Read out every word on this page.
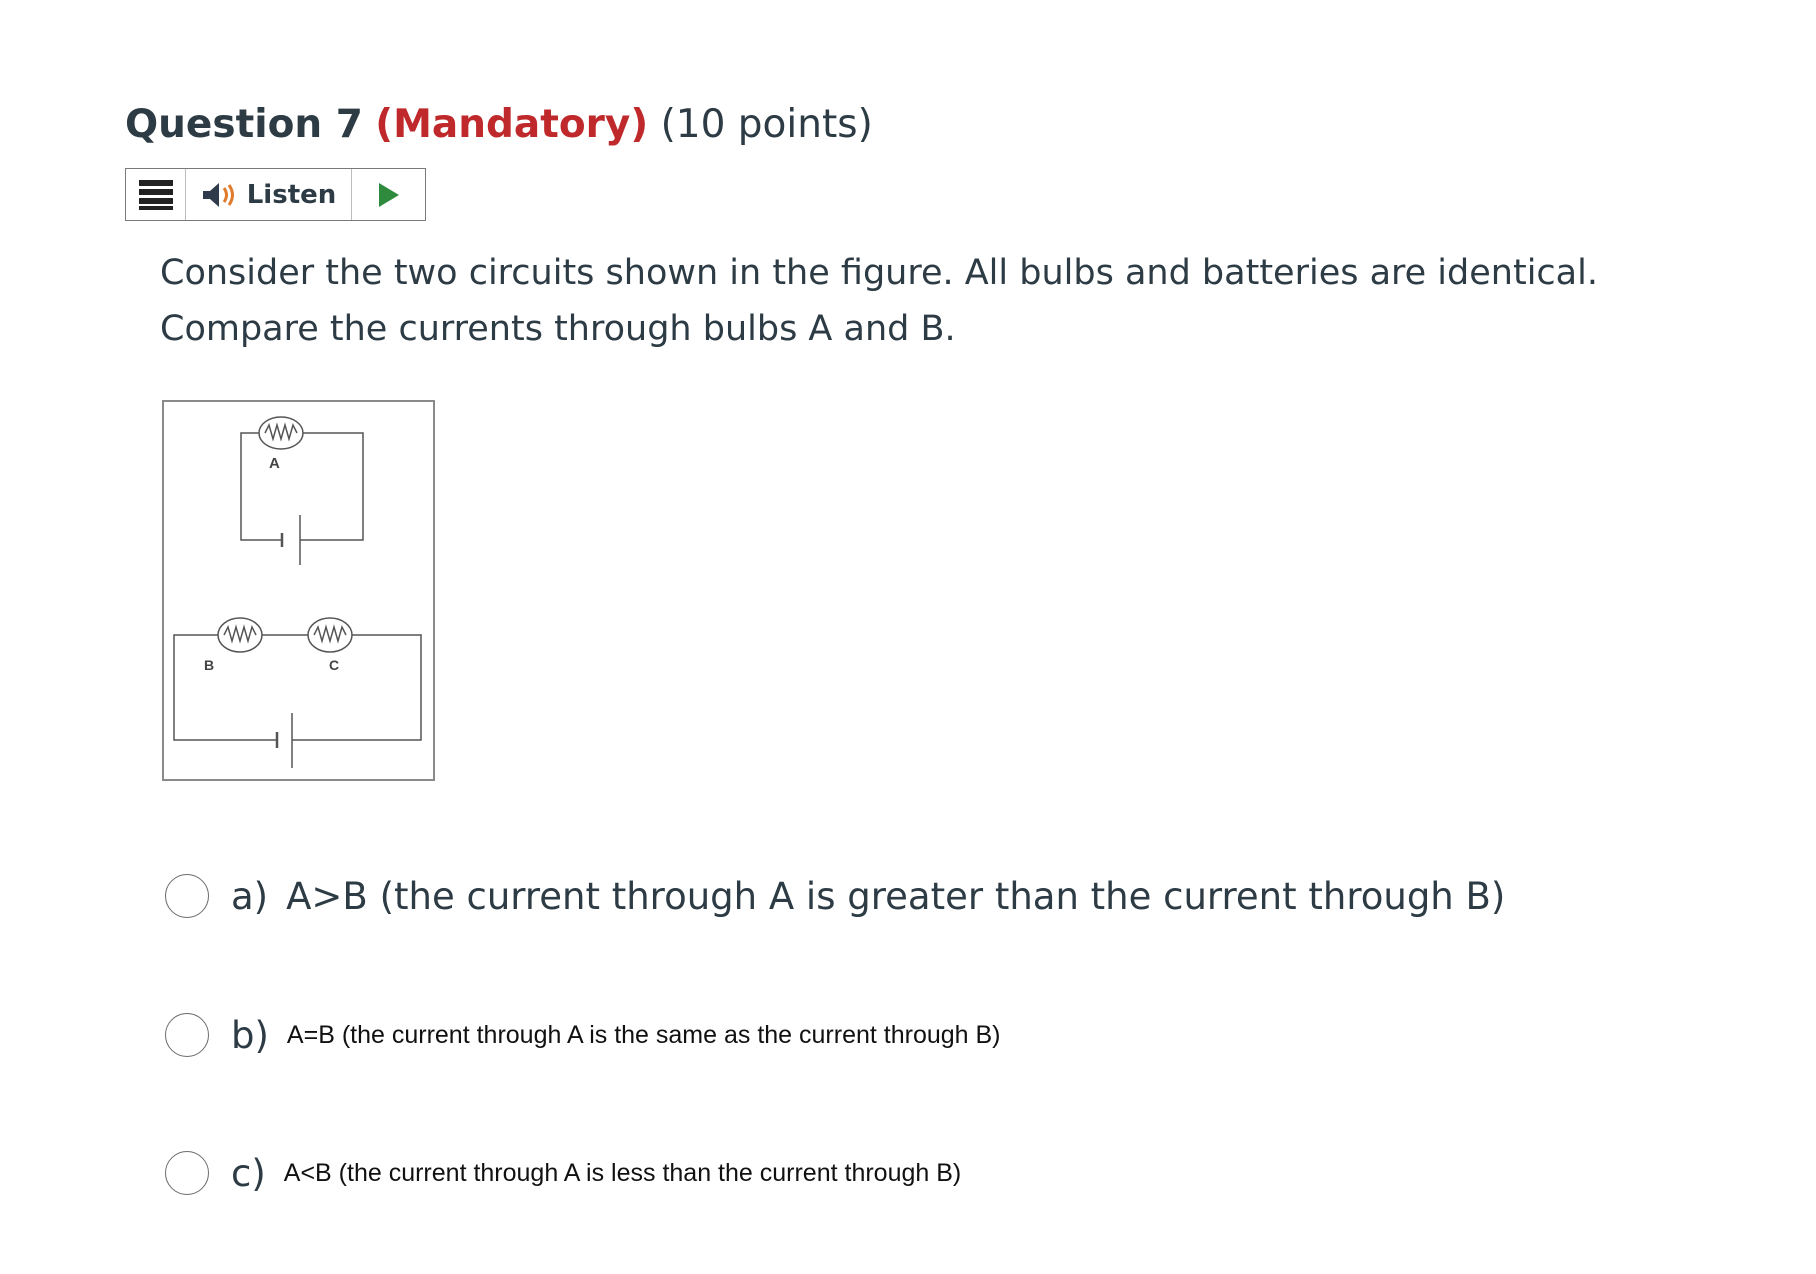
Question 7 (Mandatory) (10 points)
Listen
Consider the two circuits shown in the figure. All bulbs and batteries are identical.
Compare the currents through bulbs A and B.
A
B	C
a) A>B (the current through A is greater than the current through B)
b) A=B (the current through A is the same as the current through B)
c) A<B (the current through A is less than the current through B)
